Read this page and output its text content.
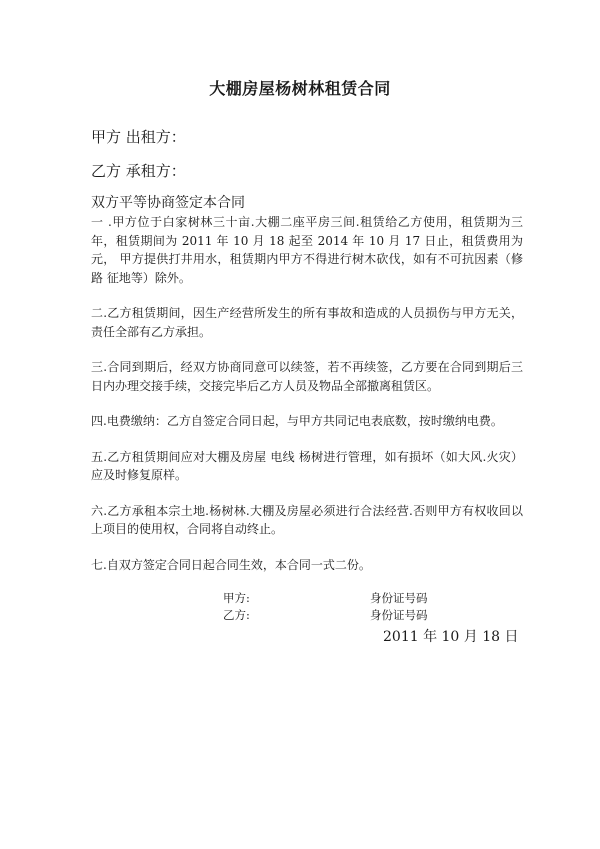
大棚房屋杨树林租赁合同

甲方 出租方：

乙方 承租方：

双方平等协商签定本合同

一 .甲方位于白家树林三十亩.大棚二座平房三间.租赁给乙方使用，租赁期为三年，租赁期间为 2011 年 10 月 18 起至 2014 年 10 月 17 日止，租赁费用为 元， 甲方提供打井用水，租赁期内甲方不得进行树木砍伐，如有不可抗因素（修路 征地等）除外。
二.乙方租赁期间，因生产经营所发生的所有事故和造成的人员损伤与甲方无关，责任全部有乙方承担。
三.合同到期后，经双方协商同意可以续签，若不再续签，乙方要在合同到期后三日内办理交接手续，交接完毕后乙方人员及物品全部撤离租赁区。
四.电费缴纳：乙方自签定合同日起，与甲方共同记电表底数，按时缴纳电费。
五.乙方租赁期间应对大棚及房屋 电线 杨树进行管理，如有损坏（如大风.火灾）应及时修复原样。
六.乙方承租本宗土地.杨树林.大棚及房屋必须进行合法经营.否则甲方有权收回以上项目的使用权，合同将自动终止。
七.自双方签定合同日起合同生效，本合同一式二份。

甲方:	身份证号码

乙方:	身份证号码

2011 年 10 月 18 日
